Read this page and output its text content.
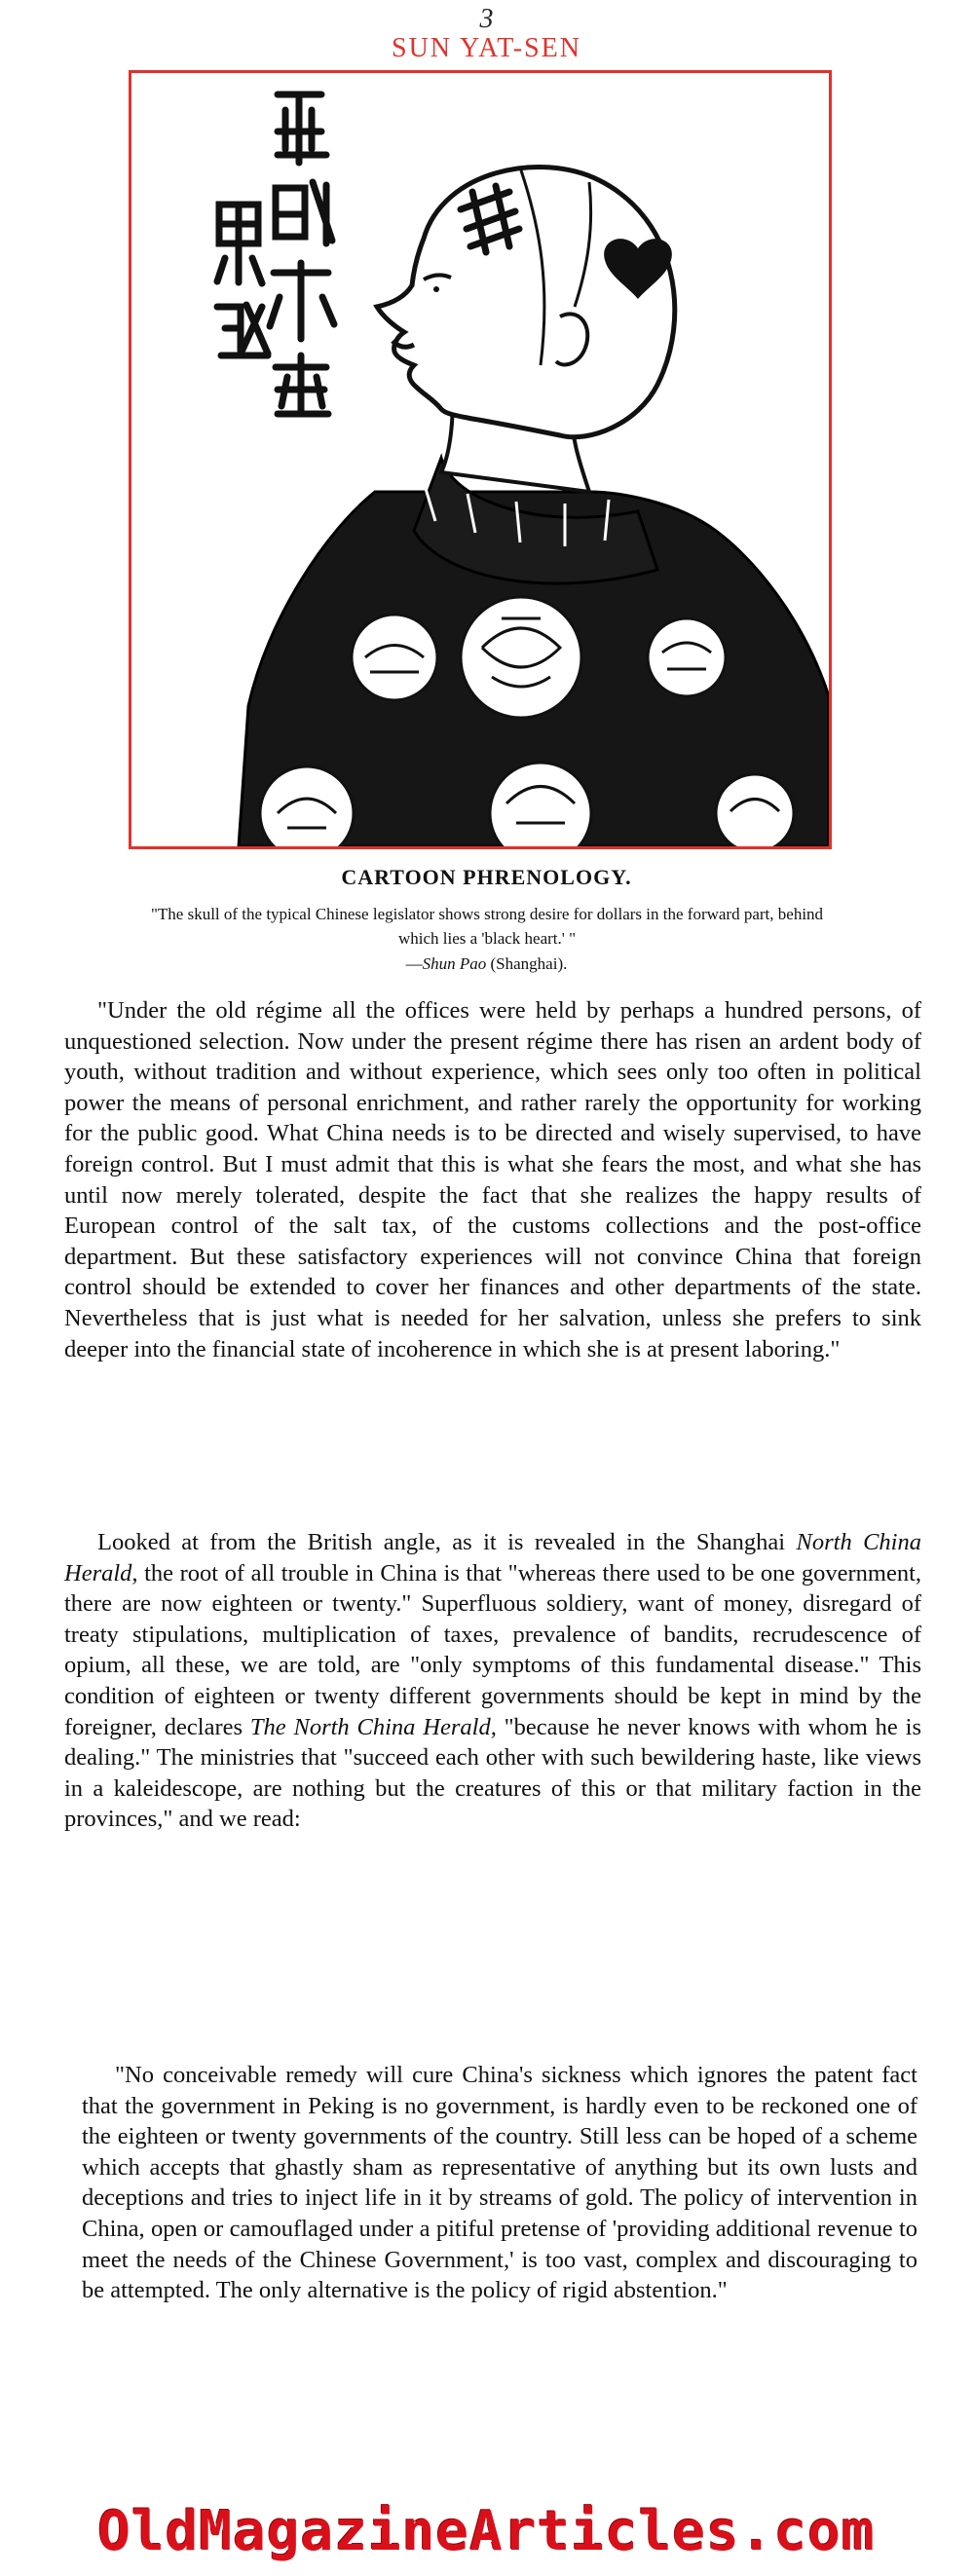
3
SUN YAT-SEN
CARTOON PHRENOLOGY.
"The skull of the typical Chinese legislator shows strong desire for dollars in the forward part, behind which lies a 'black heart.' "
—Shun Pao (Shanghai).

"Under the old régime all the offices were held by perhaps a hundred persons, of unquestioned selection. Now under the present régime there has risen an ardent body of youth, without tradition and without experience, which sees only too often in political power the means of personal enrichment, and rather rarely the opportunity for working for the public good. What China needs is to be directed and wisely supervised, to have foreign control. But I must admit that this is what she fears the most, and what she has until now merely tolerated, despite the fact that she realizes the happy results of European control of the salt tax, of the customs collections and the post-office department. But these satisfactory experiences will not convince China that foreign control should be extended to cover her finances and other departments of the state. Nevertheless that is just what is needed for her salvation, unless she prefers to sink deeper into the financial state of incoherence in which she is at present laboring."

Looked at from the British angle, as it is revealed in the Shanghai North China Herald, the root of all trouble in China is that "whereas there used to be one government, there are now eighteen or twenty." Superfluous soldiery, want of money, disregard of treaty stipulations, multiplication of taxes, prevalence of bandits, recrudescence of opium, all these, we are told, are "only symptoms of this fundamental disease." This condition of eighteen or twenty different governments should be kept in mind by the foreigner, declares The North China Herald, "because he never knows with whom he is dealing." The ministries that "succeed each other with such bewildering haste, like views in a kaleidescope, are nothing but the creatures of this or that military faction in the provinces," and we read:

"No conceivable remedy will cure China's sickness which ignores the patent fact that the government in Peking is no government, is hardly even to be reckoned one of the eighteen or twenty governments of the country. Still less can be hoped of a scheme which accepts that ghastly sham as representative of anything but its own lusts and deceptions and tries to inject life in it by streams of gold. The policy of intervention in China, open or camouflaged under a pitiful pretense of 'providing additional revenue to meet the needs of the Chinese Government,' is too vast, complex and discouraging to be attempted. The only alternative is the policy of rigid abstention."

OldMagazineArticles.com
